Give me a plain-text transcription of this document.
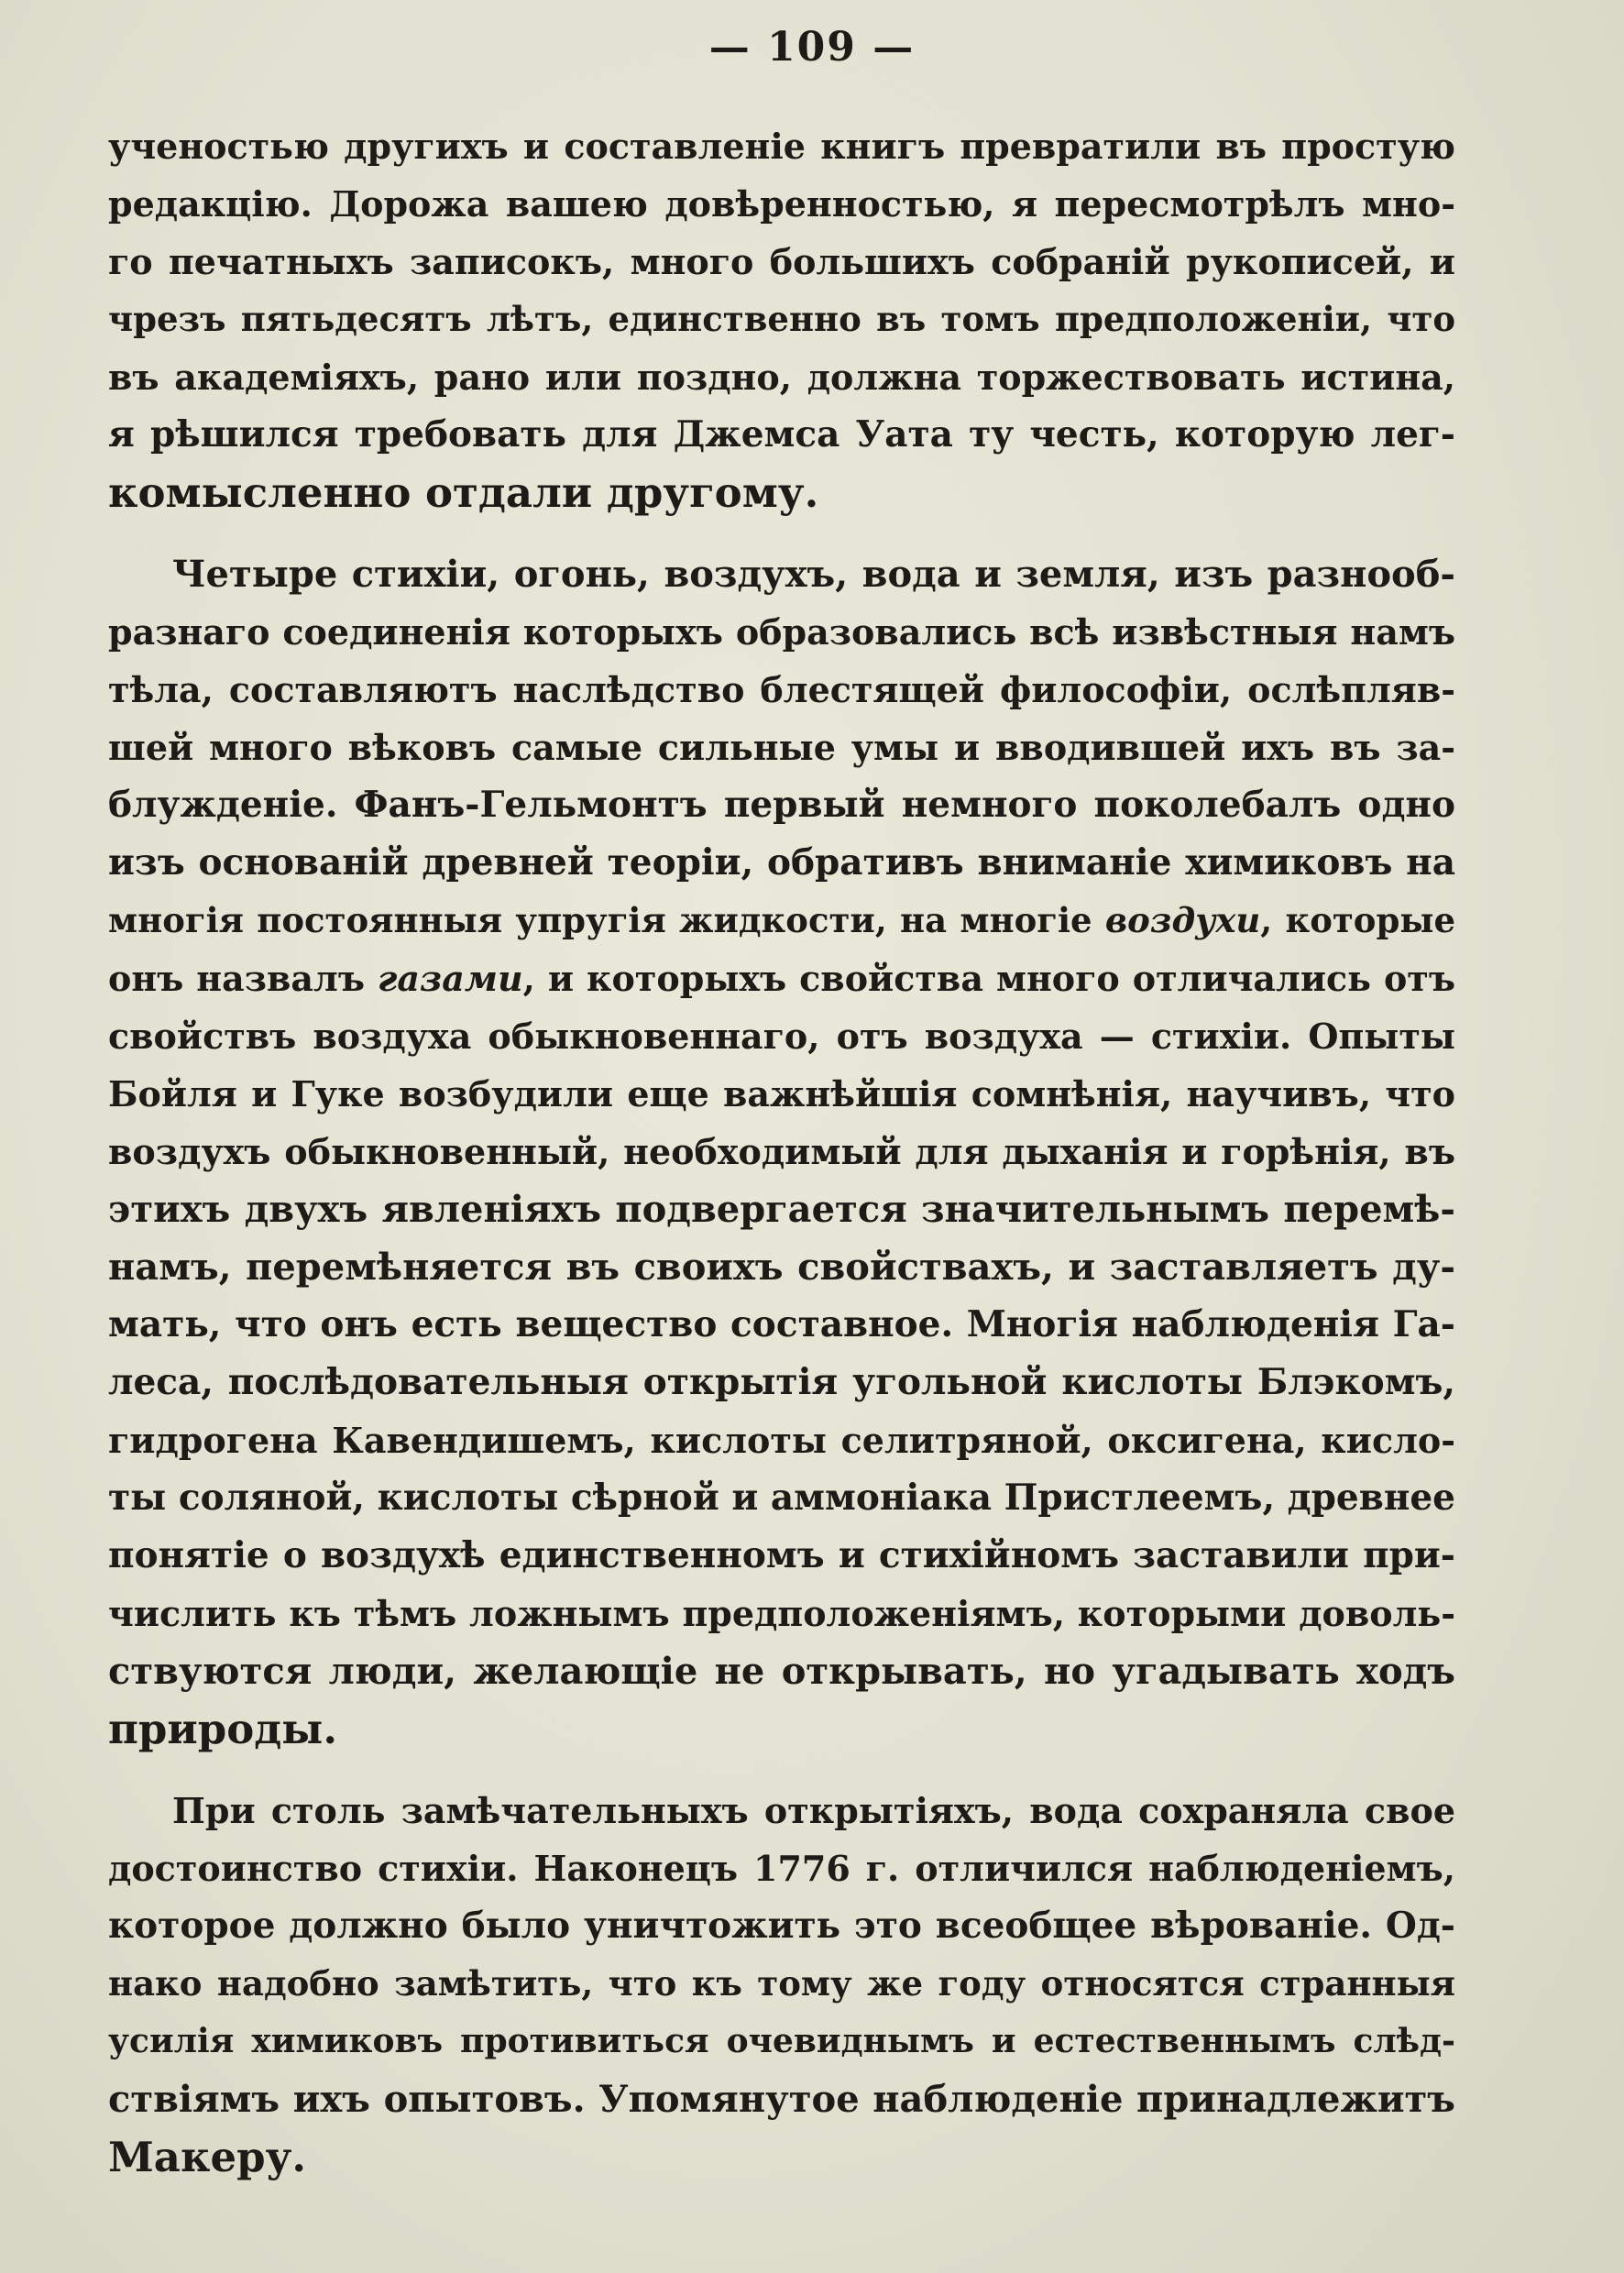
— 109 —
ученостью другихъ и составленіе книгъ превратили въ простую
редакцію. Дорожа вашею довѣренностью, я пересмотрѣлъ мно-
го печатныхъ записокъ, много большихъ собраній рукописей, и
чрезъ пятьдесятъ лѣтъ, единственно въ томъ предположеніи, что
въ академіяхъ, рано или поздно, должна торжествовать истина,
я рѣшился требовать для Джемса Уата ту честь, которую лег-
комысленно отдали другому.
Четыре стихіи, огонь, воздухъ, вода и земля, изъ разнооб-
разнаго соединенія которыхъ образовались всѣ извѣстныя намъ
тѣла, составляютъ наслѣдство блестящей философіи, ослѣпляв-
шей много вѣковъ самые сильные умы и вводившей ихъ въ за-
блужденіе. Фанъ-Гельмонтъ первый немного поколебалъ одно
изъ основаній древней теоріи, обративъ вниманіе химиковъ на
многія постоянныя упругія жидкости, на многіе воздухи, которые
онъ назвалъ газами, и которыхъ свойства много отличались отъ
свойствъ воздуха обыкновеннаго, отъ воздуха — стихіи. Опыты
Бойля и Гуке возбудили еще важнѣйшія сомнѣнія, научивъ, что
воздухъ обыкновенный, необходимый для дыханія и горѣнія, въ
этихъ двухъ явленіяхъ подвергается значительнымъ перемѣ-
намъ, перемѣняется въ своихъ свойствахъ, и заставляетъ ду-
мать, что онъ есть вещество составное. Многія наблюденія Га-
леса, послѣдовательныя открытія угольной кислоты Блэкомъ,
гидрогена Кавендишемъ, кислоты селитряной, оксигена, кисло-
ты соляной, кислоты сѣрной и аммоніака Пристлеемъ, древнее
понятіе о воздухѣ единственномъ и стихійномъ заставили при-
числить къ тѣмъ ложнымъ предположеніямъ, которыми доволь-
ствуются люди, желающіе не открывать, но угадывать ходъ
природы.
При столь замѣчательныхъ открытіяхъ, вода сохраняла свое
достоинство стихіи. Наконецъ 1776 г. отличился наблюденіемъ,
которое должно было уничтожить это всеобщее вѣрованіе. Од-
нако надобно замѣтить, что къ тому же году относятся странныя
усилія химиковъ противиться очевиднымъ и естественнымъ слѣд-
ствіямъ ихъ опытовъ. Упомянутое наблюденіе принадлежитъ
Макеру.
